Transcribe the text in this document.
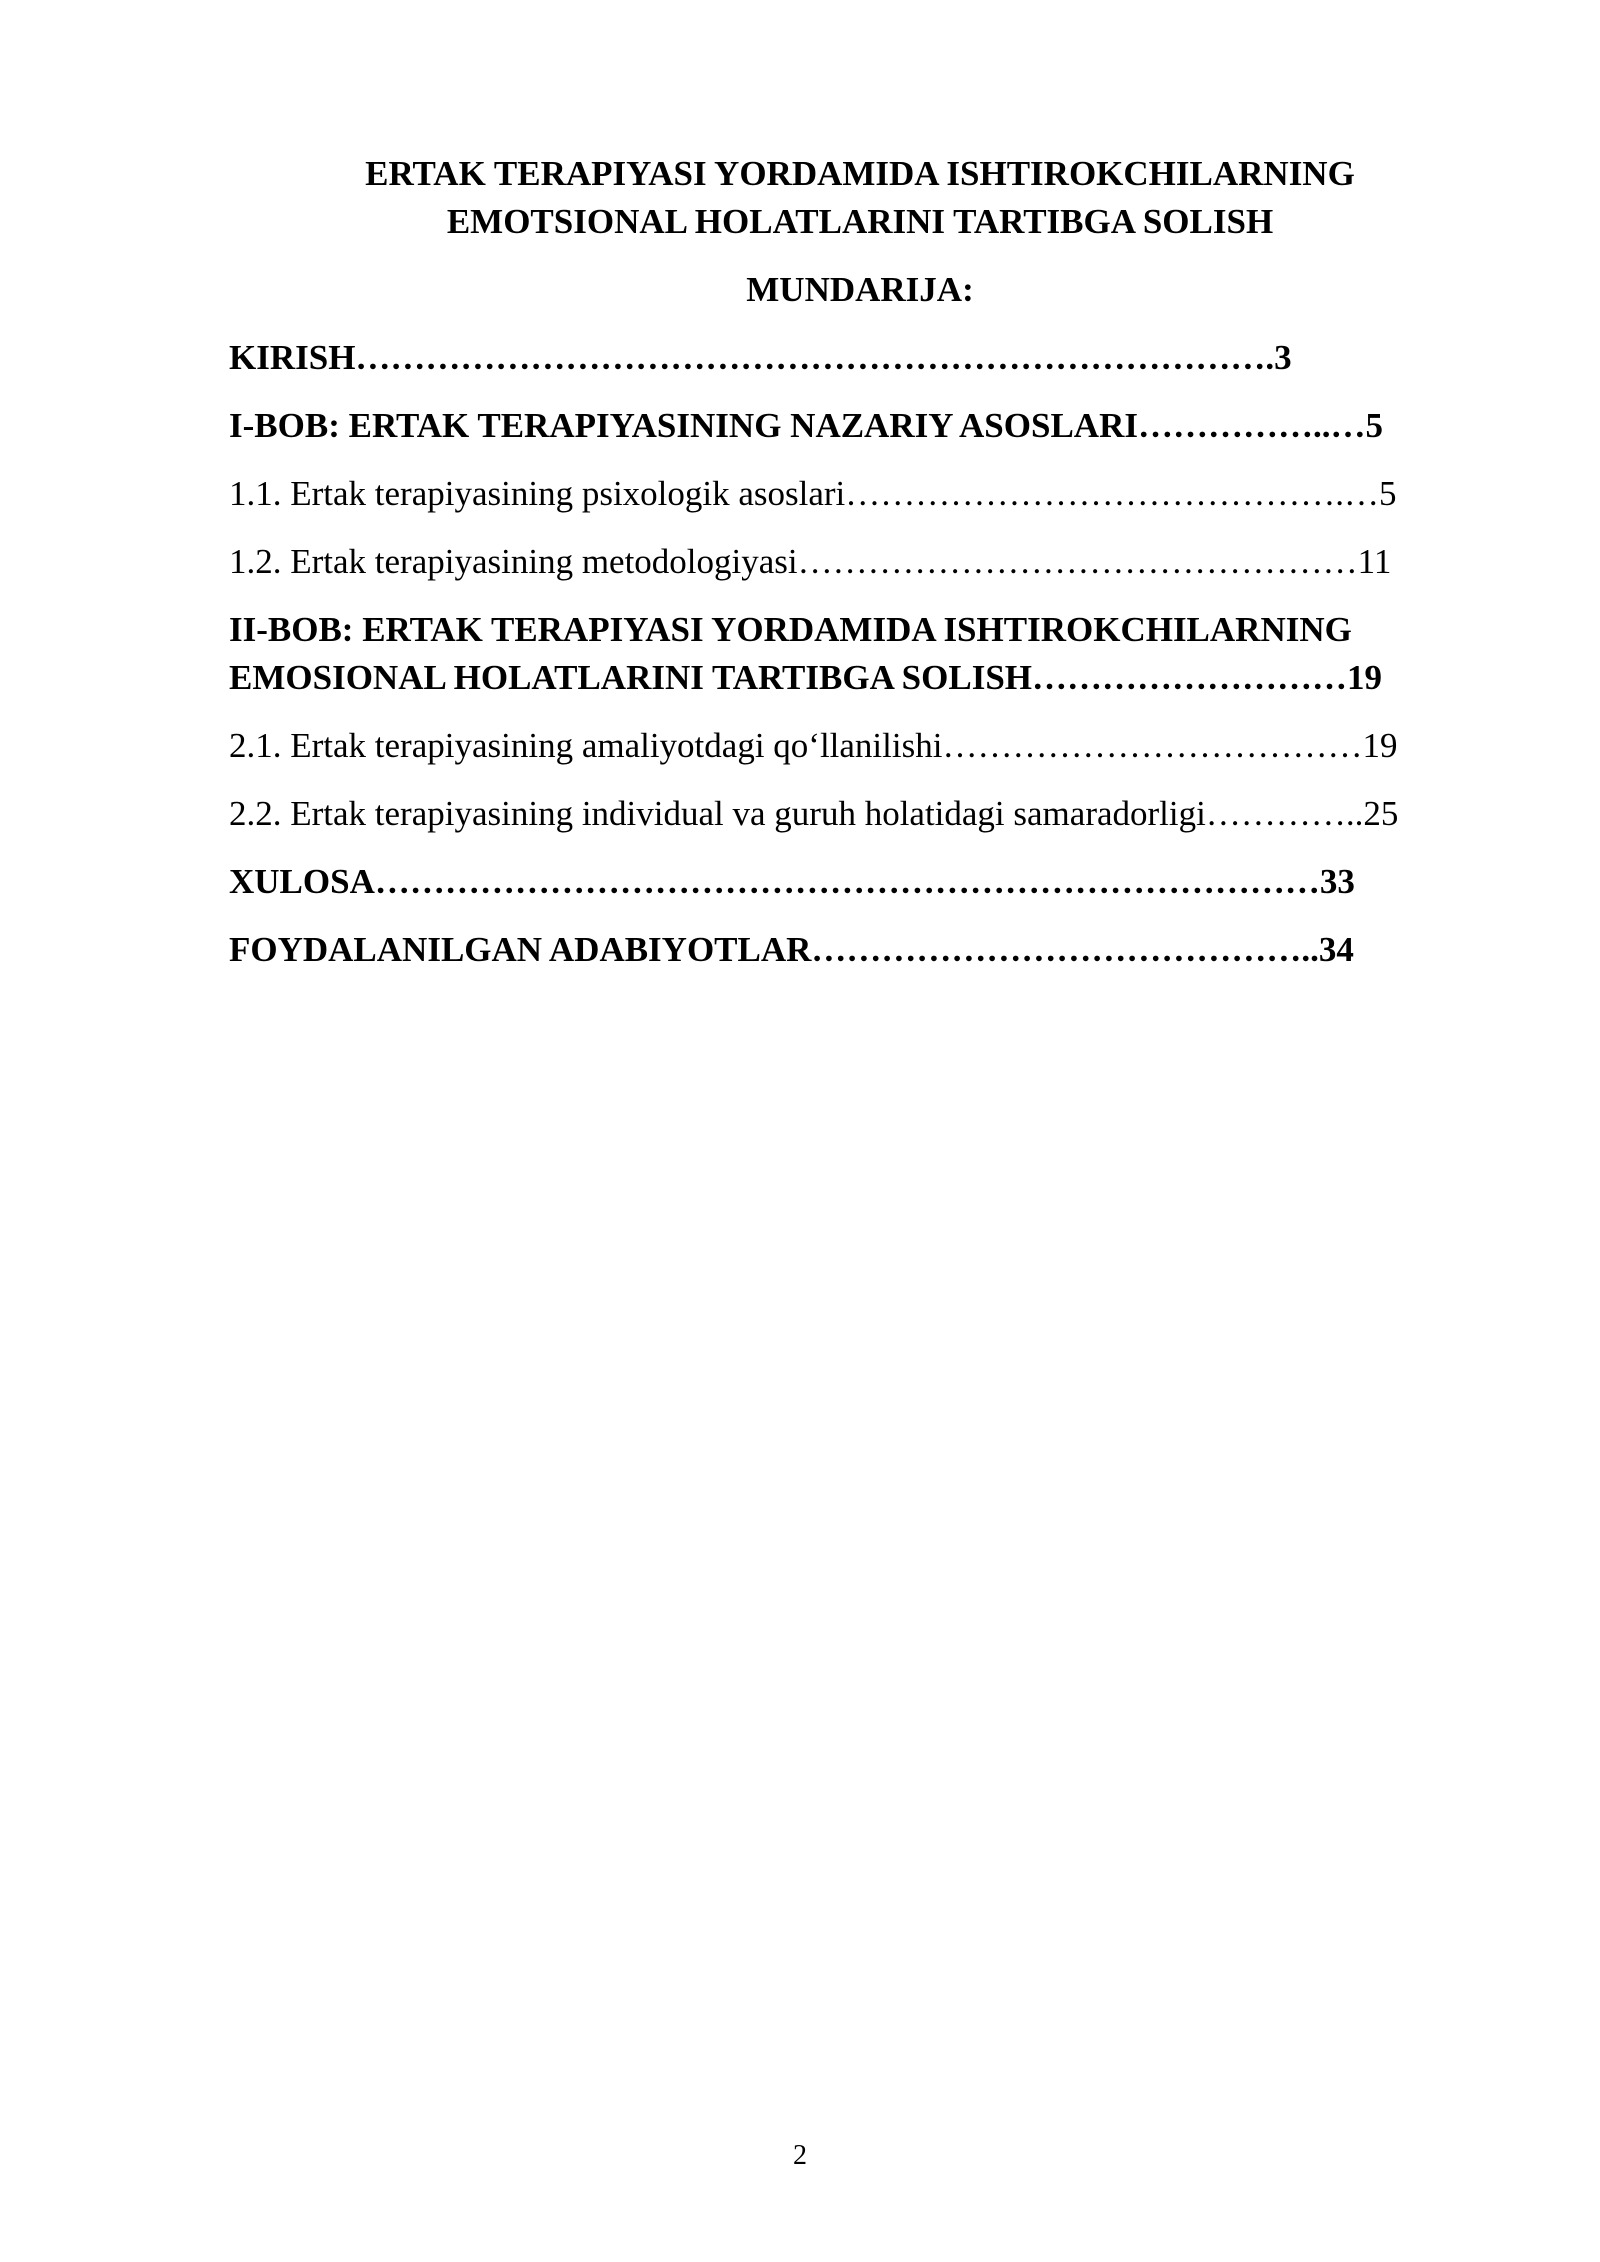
ERTAK TERAPIYASI YORDAMIDA ISHTIROKCHILARNING
EMOTSIONAL HOLATLARINI TARTIBGA SOLISH
MUNDARIJA:
KIRISH…………………………………………………………………….3
I-BOB: ERTAK TERAPIYASINING NAZARIY ASOSLARI……………..…5
1.1. Ertak terapiyasining psixologik asoslari…………………………………….…5
1.2. Ertak terapiyasining metodologiyasi…………………………………………11
II-BOB: ERTAK TERAPIYASI YORDAMIDA ISHTIROKCHILARNING
EMOSIONAL HOLATLARINI TARTIBGA SOLISH………………………19
2.1. Ertak terapiyasining amaliyotdagi qo‘llanilishi………………………………19
2.2. Ertak terapiyasining individual va guruh holatidagi samaradorligi…………..25
XULOSA………………………………………………………………………33
FOYDALANILGAN ADABIYOTLAR……………………………………..34
2
